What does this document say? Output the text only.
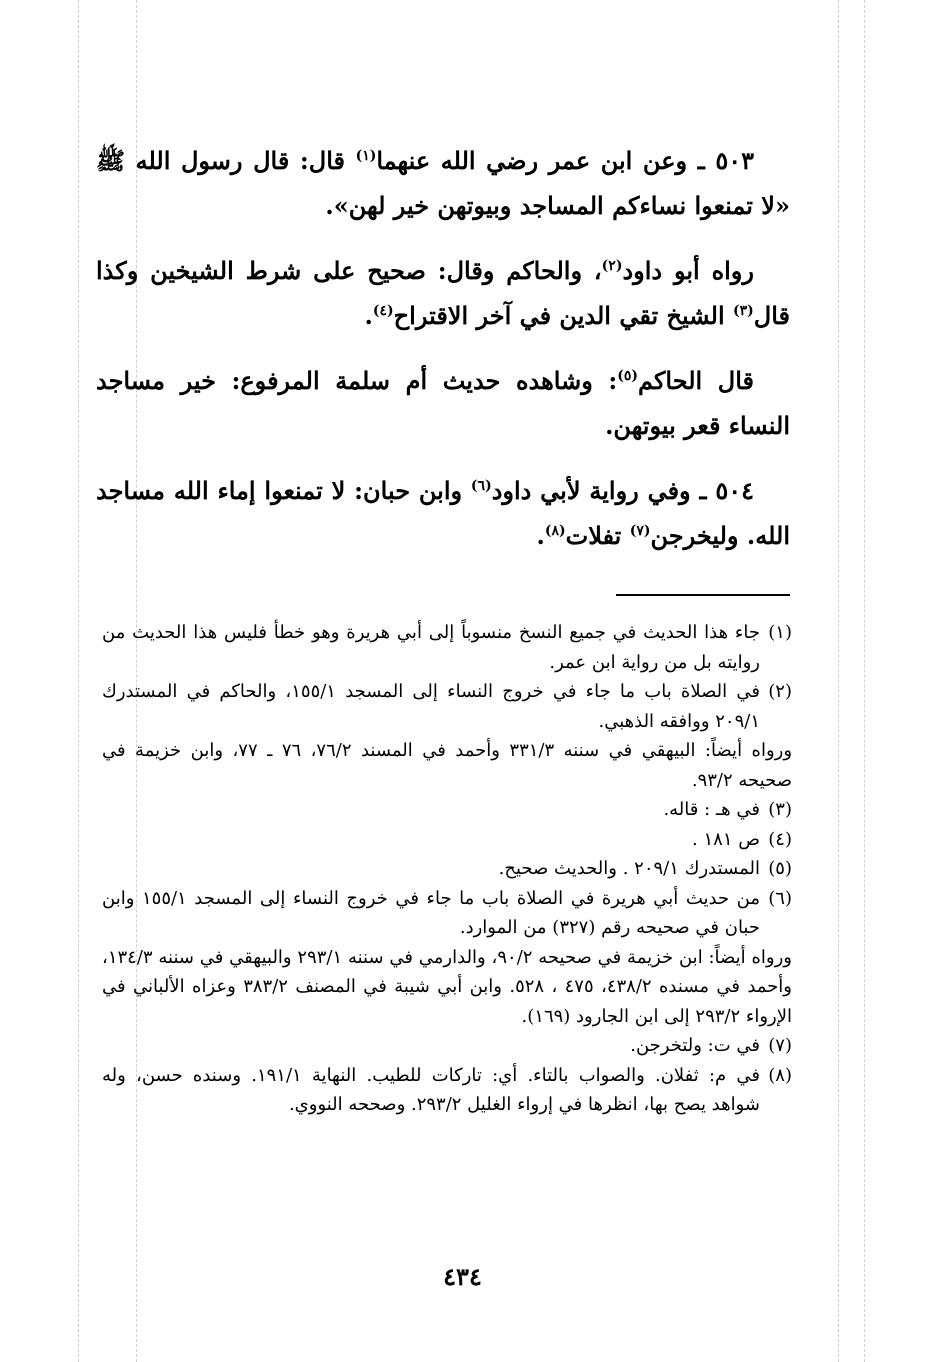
٥٠٣ ـ وعن ابن عمر رضي الله عنهما$^{(١)}$ قال: قال رسول الله ﷺ «لا تمنعوا نساءكم المساجد وبيوتهن خير لهن».

رواه أبو داود$^{(٢)}$، والحاكم وقال: صحيح على شرط الشيخين وكذا قال$^{(٣)}$ الشيخ تقي الدين في آخر الاقتراح$^{(٤)}$.

قال الحاكم$^{(٥)}$: وشاهده حديث أم سلمة المرفوع: خير مساجد النساء قعر بيوتهن.

٥٠٤ ـ وفي رواية لأبي داود$^{(٦)}$ وابن حبان: لا تمنعوا إماء الله مساجد الله. وليخرجن$^{(٧)}$ تفلات$^{(٨)}$.

(١)جاء هذا الحديث في جميع النسخ منسوباً إلى أبي هريرة وهو خطأ فليس هذا الحديث من روايته بل من رواية ابن عمر.

(٢)في الصلاة باب ما جاء في خروج النساء إلى المسجد ١٥٥/١، والحاكم في المستدرك ٢٠٩/١ ووافقه الذهبي.

ورواه أيضاً: البيهقي في سننه ٣٣١/٣ وأحمد في المسند ٧٦/٢، ٧٦ ـ ٧٧، وابن خزيمة في صحيحه ٩٣/٢.

(٣)في هـ : قاله.

(٤)ص ١٨١ .

(٥)المستدرك ٢٠٩/١ . والحديث صحيح.

(٦)من حديث أبي هريرة في الصلاة باب ما جاء في خروج النساء إلى المسجد ١٥٥/١ وابن حبان في صحيحه رقم (٣٢٧) من الموارد.

ورواه أيضاً: ابن خزيمة في صحيحه ٩٠/٢، والدارمي في سننه ٢٩٣/١ والبيهقي في سننه ١٣٤/٣، وأحمد في مسنده ٤٣٨/٢، ٤٧٥ ، ٥٢٨. وابن أبي شيبة في المصنف ٣٨٣/٢ وعزاه الألباني في الإرواء ٢٩٣/٢ إلى ابن الجارود (١٦٩).

(٧)في ت: ولتخرجن.

(٨)في م: ثفلان. والصواب بالتاء. أي: تاركات للطيب. النهاية ١٩١/١. وسنده حسن، وله شواهد يصح بها، انظرها في إرواء الغليل ٢٩٣/٢. وصححه النووي.

٤٣٤
